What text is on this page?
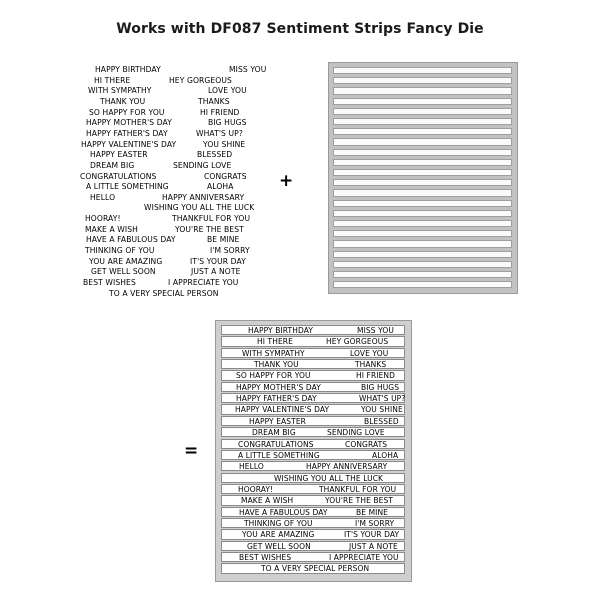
Works with DF087 Sentiment Strips Fancy Die
HAPPY BIRTHDAY	MISS YOU
HI THERE	HEY GORGEOUS
WITH SYMPATHY	LOVE YOU
THANK YOU	THANKS
SO HAPPY FOR YOU	HI FRIEND
HAPPY MOTHER'S DAY	BIG HUGS
HAPPY FATHER'S DAY	WHAT'S UP?
HAPPY VALENTINE'S DAY	YOU SHINE
HAPPY EASTER	BLESSED
DREAM BIG	SENDING LOVE
CONGRATULATIONS	CONGRATS
A LITTLE SOMETHING	ALOHA
HELLO	HAPPY ANNIVERSARY
WISHING YOU ALL THE LUCK
HOORAY!	THANKFUL FOR YOU
MAKE A WISH	YOU'RE THE BEST
HAVE A FABULOUS DAY	BE MINE
THINKING OF YOU	I'M SORRY
YOU ARE AMAZING	IT'S YOUR DAY
GET WELL SOON	JUST A NOTE
BEST WISHES	I APPRECIATE YOU
TO A VERY SPECIAL PERSON
+
=
HAPPY BIRTHDAY	MISS YOU
HI THERE	HEY GORGEOUS
WITH SYMPATHY	LOVE YOU
THANK YOU	THANKS
SO HAPPY FOR YOU	HI FRIEND
HAPPY MOTHER'S DAY	BIG HUGS
HAPPY FATHER'S DAY	WHAT'S UP?
HAPPY VALENTINE'S DAY	YOU SHINE
HAPPY EASTER	BLESSED
DREAM BIG	SENDING LOVE
CONGRATULATIONS	CONGRATS
A LITTLE SOMETHING	ALOHA
HELLO	HAPPY ANNIVERSARY
WISHING YOU ALL THE LUCK
HOORAY!	THANKFUL FOR YOU
MAKE A WISH	YOU'RE THE BEST
HAVE A FABULOUS DAY	BE MINE
THINKING OF YOU	I'M SORRY
YOU ARE AMAZING	IT'S YOUR DAY
GET WELL SOON	JUST A NOTE
BEST WISHES	I APPRECIATE YOU
TO A VERY SPECIAL PERSON
